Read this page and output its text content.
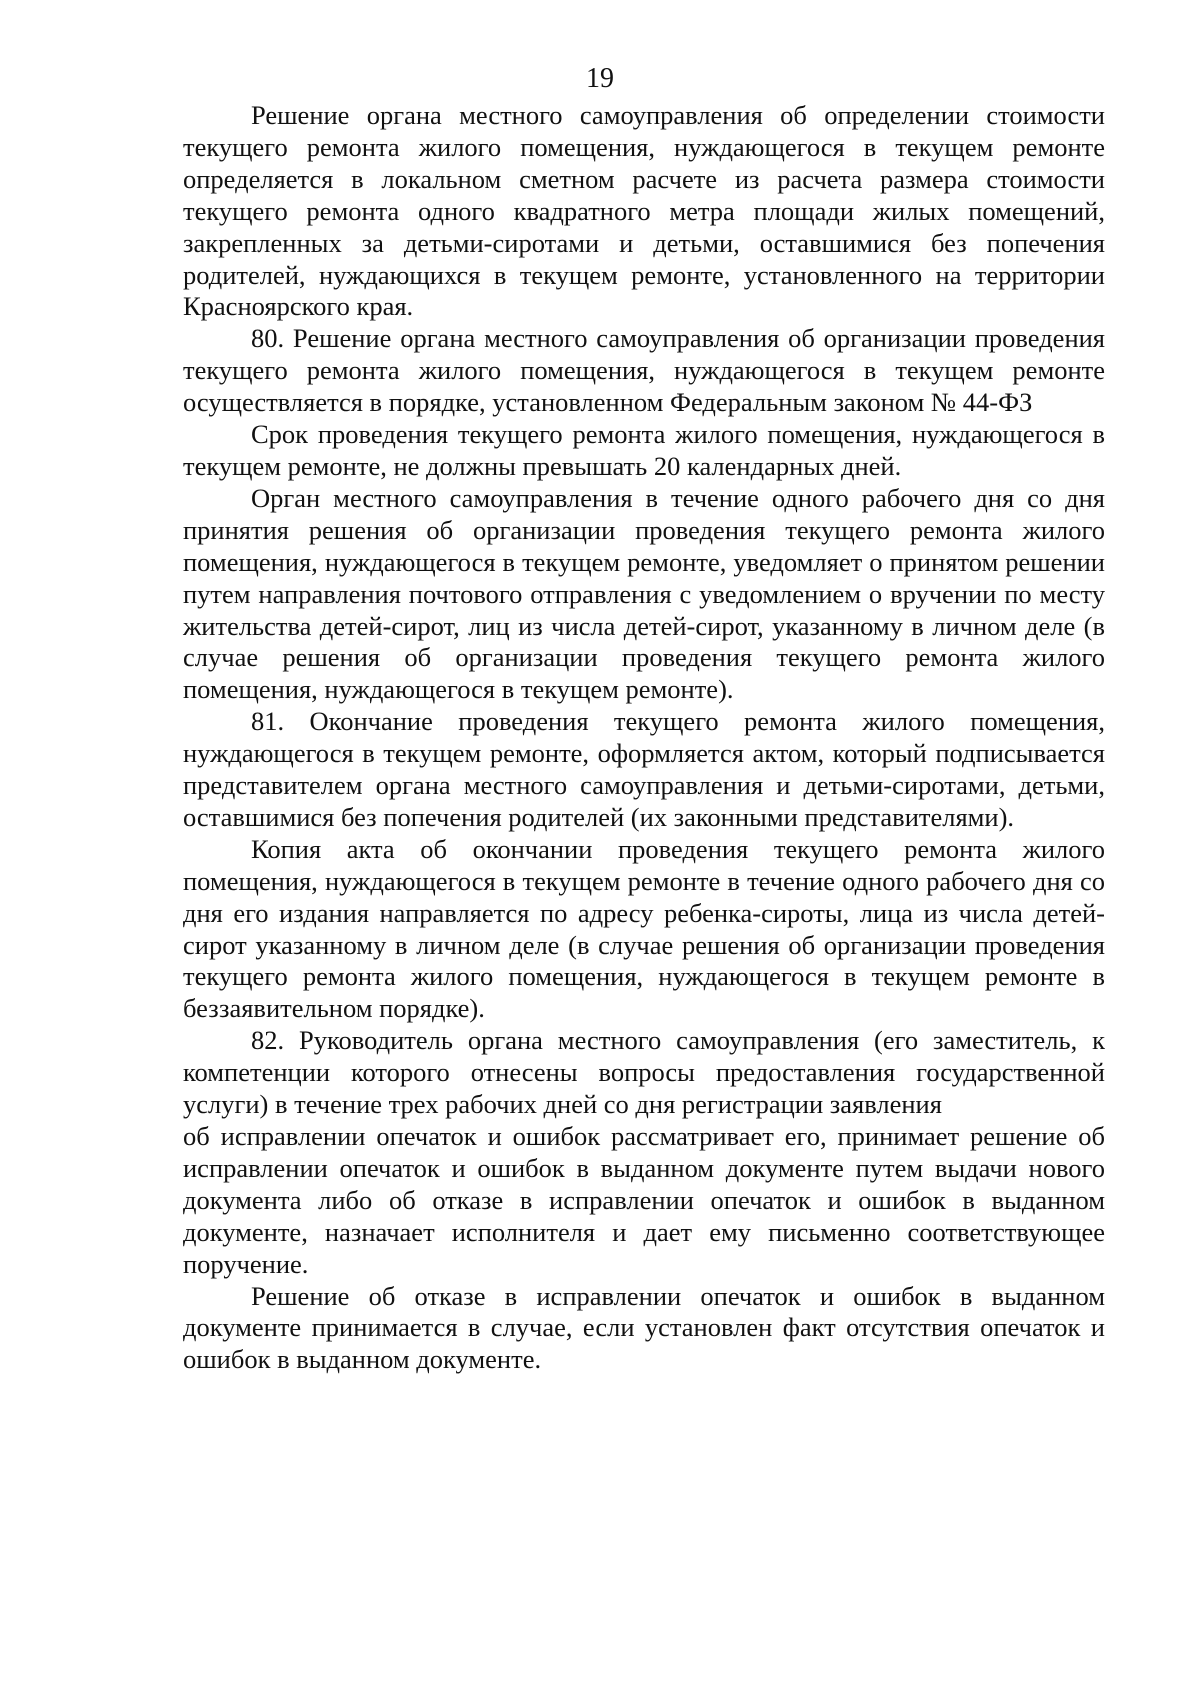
19

Решение органа местного самоуправления об определении стоимости текущего ремонта жилого помещения, нуждающегося в текущем ремонте определяется в локальном сметном расчете из расчета размера стоимости текущего ремонта одного квадратного метра площади жилых помещений, закрепленных за детьми-сиротами и детьми, оставшимися без попечения родителей, нуждающихся в текущем ремонте, установленного на территории Красноярского края.

80. Решение органа местного самоуправления об организации проведения текущего ремонта жилого помещения, нуждающегося в текущем ремонте осуществляется в порядке, установленном Федеральным законом № 44-ФЗ

Срок проведения текущего ремонта жилого помещения, нуждающегося в текущем ремонте, не должны превышать 20 календарных дней.

Орган местного самоуправления в течение одного рабочего дня со дня принятия решения об организации проведения текущего ремонта жилого помещения, нуждающегося в текущем ремонте, уведомляет о принятом решении путем направления почтового отправления с уведомлением о вручении по месту жительства детей-сирот, лиц из числа детей-сирот, указанному в личном деле (в случае решения об организации проведения текущего ремонта жилого помещения, нуждающегося в текущем ремонте).

81. Окончание проведения текущего ремонта жилого помещения, нуждающегося в текущем ремонте, оформляется актом, который подписывается представителем органа местного самоуправления и детьми-сиротами, детьми, оставшимися без попечения родителей (их законными представителями).

Копия акта об окончании проведения текущего ремонта жилого помещения, нуждающегося в текущем ремонте в течение одного рабочего дня со дня его издания направляется по адресу ребенка-сироты, лица из числа детей-сирот указанному в личном деле (в случае решения об организации проведения текущего ремонта жилого помещения, нуждающегося в текущем ремонте в беззаявительном порядке).

82. Руководитель органа местного самоуправления (его заместитель, к компетенции которого отнесены вопросы предоставления государственной услуги) в течение трех рабочих дней со дня регистрации заявления

об исправлении опечаток и ошибок рассматривает его, принимает решение об исправлении опечаток и ошибок в выданном документе путем выдачи нового документа либо об отказе в исправлении опечаток и ошибок в выданном документе, назначает исполнителя и дает ему письменно соответствующее поручение.

Решение об отказе в исправлении опечаток и ошибок в выданном документе принимается в случае, если установлен факт отсутствия опечаток и ошибок в выданном документе.
